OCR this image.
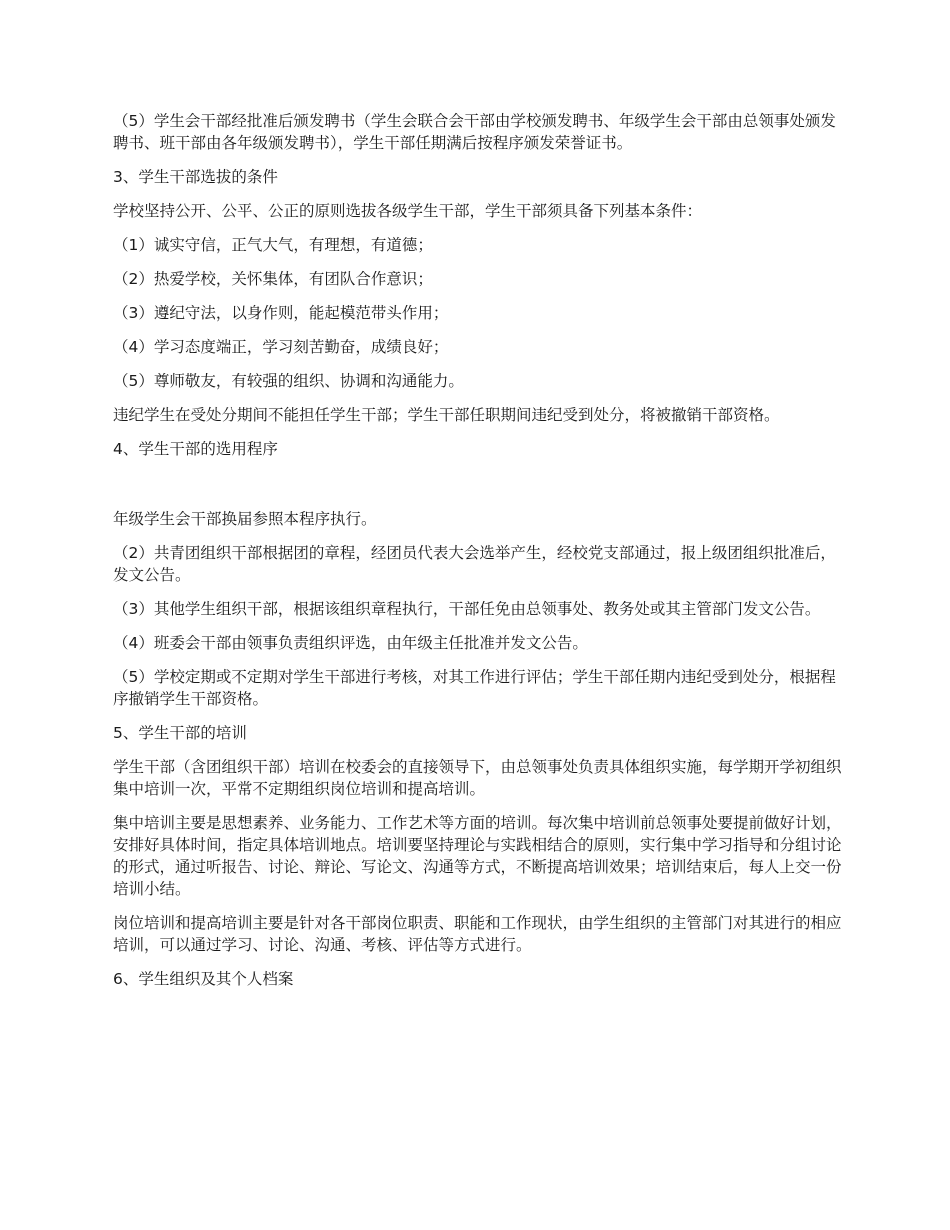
（5）学生会干部经批准后颁发聘书（学生会联合会干部由学校颁发聘书、年级学生会干部由总领事处颁发聘书、班干部由各年级颁发聘书），学生干部任期满后按程序颁发荣誉证书。

3、学生干部选拔的条件

学校坚持公开、公平、公正的原则选拔各级学生干部，学生干部须具备下列基本条件：

（1）诚实守信，正气大气，有理想，有道德；

（2）热爱学校，关怀集体，有团队合作意识；

（3）遵纪守法，以身作则，能起模范带头作用；

（4）学习态度端正，学习刻苦勤奋，成绩良好；

（5）尊师敬友，有较强的组织、协调和沟通能力。

违纪学生在受处分期间不能担任学生干部；学生干部任职期间违纪受到处分，将被撤销干部资格。

4、学生干部的选用程序

年级学生会干部换届参照本程序执行。

（2）共青团组织干部根据团的章程，经团员代表大会选举产生，经校党支部通过，报上级团组织批准后，发文公告。

（3）其他学生组织干部，根据该组织章程执行，干部任免由总领事处、教务处或其主管部门发文公告。

（4）班委会干部由领事负责组织评选，由年级主任批准并发文公告。

（5）学校定期或不定期对学生干部进行考核，对其工作进行评估；学生干部任期内违纪受到处分，根据程序撤销学生干部资格。

5、学生干部的培训

学生干部（含团组织干部）培训在校委会的直接领导下，由总领事处负责具体组织实施，每学期开学初组织集中培训一次，平常不定期组织岗位培训和提高培训。

集中培训主要是思想素养、业务能力、工作艺术等方面的培训。每次集中培训前总领事处要提前做好计划，安排好具体时间，指定具体培训地点。培训要坚持理论与实践相结合的原则，实行集中学习指导和分组讨论的形式，通过听报告、讨论、辩论、写论文、沟通等方式，不断提高培训效果；培训结束后，每人上交一份培训小结。

岗位培训和提高培训主要是针对各干部岗位职责、职能和工作现状，由学生组织的主管部门对其进行的相应培训，可以通过学习、讨论、沟通、考核、评估等方式进行。

6、学生组织及其个人档案
